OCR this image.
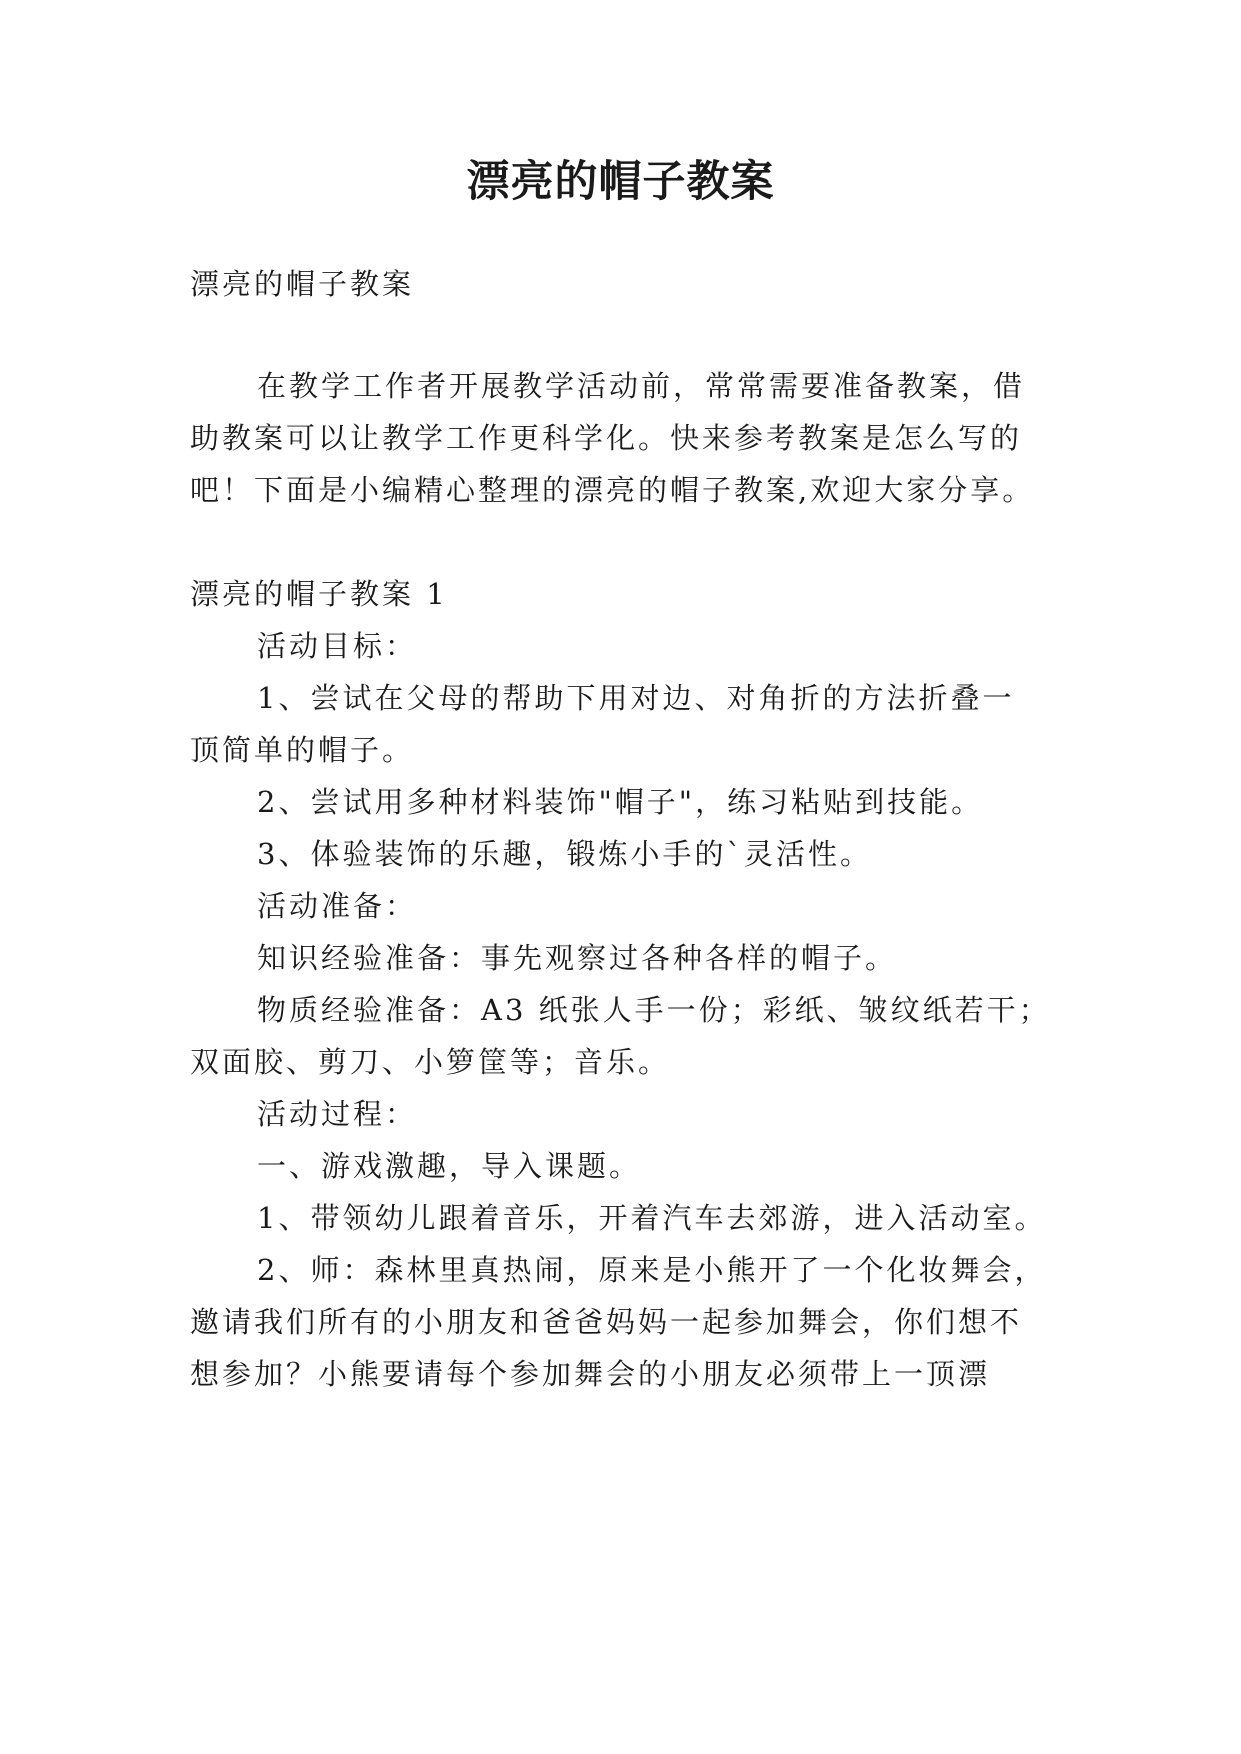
漂亮的帽子教案

漂亮的帽子教案

在教学工作者开展教学活动前，常常需要准备教案，借

助教案可以让教学工作更科学化。快来参考教案是怎么写的

吧！下面是小编精心整理的漂亮的帽子教案,欢迎大家分享。

漂亮的帽子教案 1

活动目标：

1、尝试在父母的帮助下用对边、对角折的方法折叠一

顶简单的帽子。

2、尝试用多种材料装饰"帽子"，练习粘贴到技能。

3、体验装饰的乐趣，锻炼小手的`灵活性。

活动准备：

知识经验准备：事先观察过各种各样的帽子。

物质经验准备：A3 纸张人手一份；彩纸、皱纹纸若干；

双面胶、剪刀、小箩筐等；音乐。

活动过程：

一、游戏激趣，导入课题。

1、带领幼儿跟着音乐，开着汽车去郊游，进入活动室。

2、师：森林里真热闹，原来是小熊开了一个化妆舞会，

邀请我们所有的小朋友和爸爸妈妈一起参加舞会，你们想不

想参加？小熊要请每个参加舞会的小朋友必须带上一顶漂
